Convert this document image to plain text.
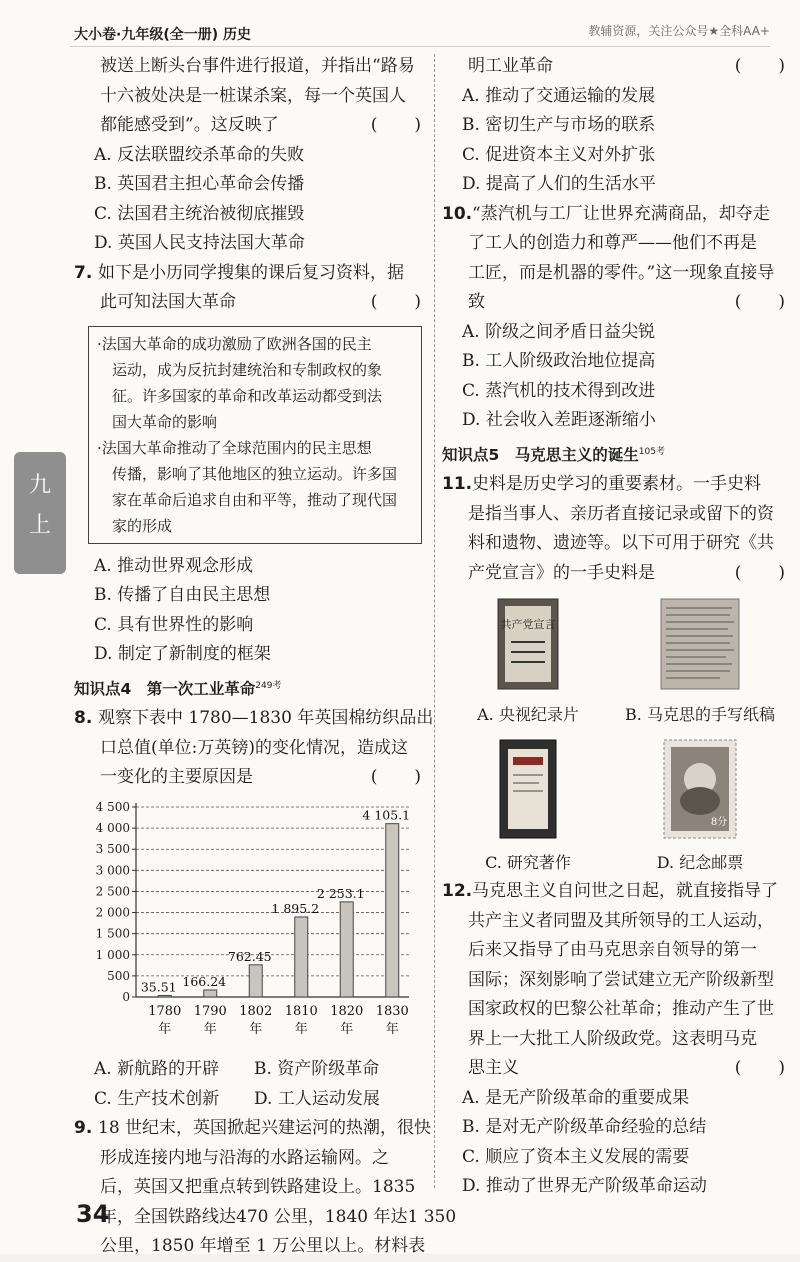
大小卷·九年级(全一册) 历史	教辅资源，关注公众号★全科AA+
九
上
被送上断头台事件进行报道，并指出“路易
十六被处决是一桩谋杀案，每一个英国人
都能感受到”。这反映了	(　　)
A. 反法联盟绞杀革命的失败
B. 英国君主担心革命会传播
C. 法国君主统治被彻底摧毁
D. 英国人民支持法国大革命
7. 如下是小历同学搜集的课后复习资料，据
此可知法国大革命	(　　)
·法国大革命的成功激励了欧洲各国的民主
　运动，成为反抗封建统治和专制政权的象
　征。许多国家的革命和改革运动都受到法
　国大革命的影响
·法国大革命推动了全球范围内的民主思想
　传播，影响了其他地区的独立运动。许多国
　家在革命后追求自由和平等，推动了现代国
　家的形成
A. 推动世界观念形成
B. 传播了自由民主思想
C. 具有世界性的影响
D. 制定了新制度的框架
知识点4　第一次工业革命$^{249考}$
8. 观察下表中 1780—1830 年英国棉纺织品出
口总值(单位:万英镑)的变化情况，造成这
一变化的主要原因是	(　　)
0
500
1 000
1 500
2 000
2 500
3 000
3 500
4 000
4 500
35.51
1780
年
166.24
1790
年
762.45
1802
年
1 895.2
1810
年
2 253.1
1820
年
4 105.1
1830
年
A. 新航路的开辟	B. 资产阶级革命
C. 生产技术创新	D. 工人运动发展
9. 18 世纪末，英国掀起兴建运河的热潮，很快
形成连接内地与沿海的水路运输网。之
后，英国又把重点转到铁路建设上。1835
年，全国铁路线达470 公里，1840 年达1 350
公里，1850 年增至 1 万公里以上。材料表
明工业革命	(　　)
A. 推动了交通运输的发展
B. 密切生产与市场的联系
C. 促进资本主义对外扩张
D. 提高了人们的生活水平
10.“蒸汽机与工厂让世界充满商品，却夺走
了工人的创造力和尊严——他们不再是
工匠，而是机器的零件。”这一现象直接导
致	(　　)
A. 阶级之间矛盾日益尖锐
B. 工人阶级政治地位提高
C. 蒸汽机的技术得到改进
D. 社会收入差距逐渐缩小
知识点5　马克思主义的诞生$^{105考}$
11.史料是历史学习的重要素材。一手史料
是指当事人、亲历者直接记录或留下的资
料和遗物、遗迹等。以下可用于研究《共
产党宣言》的一手史料是	(　　)
共产党宣言
A. 央视纪录片	B. 马克思的手写纸稿
C. 研究著作
8分
D. 纪念邮票
12.马克思主义自问世之日起，就直接指导了
共产主义者同盟及其所领导的工人运动，
后来又指导了由马克思亲自领导的第一
国际；深刻影响了尝试建立无产阶级新型
国家政权的巴黎公社革命；推动产生了世
界上一大批工人阶级政党。这表明马克
思主义	(　　)
A. 是无产阶级革命的重要成果
B. 是对无产阶级革命经验的总结
C. 顺应了资本主义发展的需要
D. 推动了世界无产阶级革命运动
34
